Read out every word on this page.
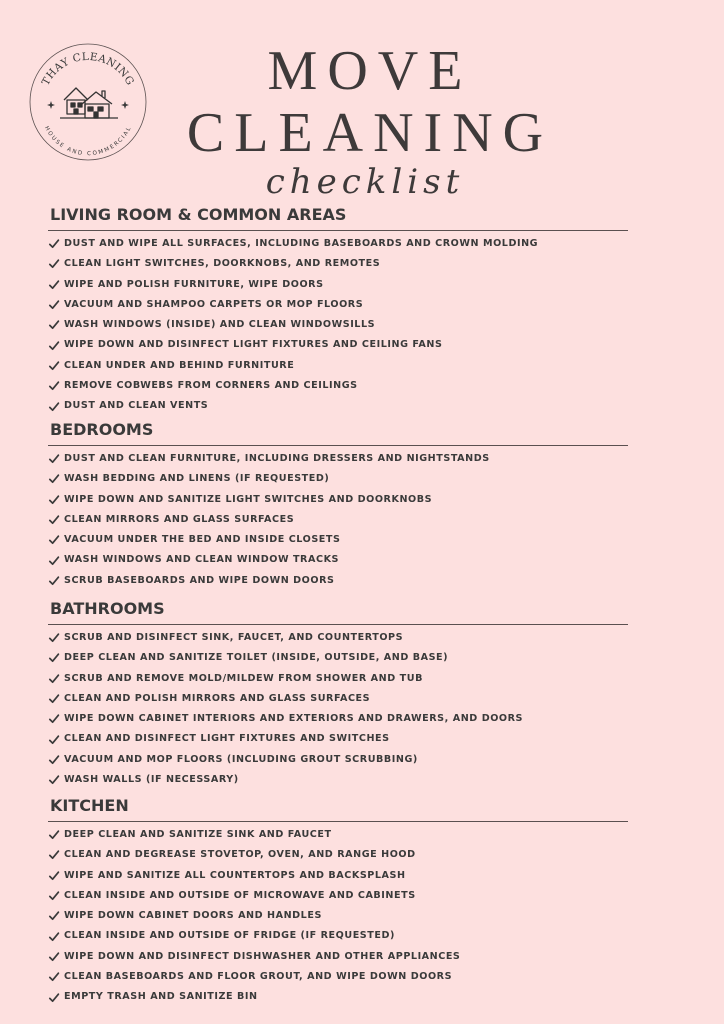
THAY CLEANING
HOUSE AND COMMERCIAL
MOVE
CLEANING
checklist
LIVING ROOM & COMMON AREAS
DUST AND WIPE ALL SURFACES, INCLUDING BASEBOARDS AND CROWN MOLDING
CLEAN LIGHT SWITCHES, DOORKNOBS, AND REMOTES
WIPE AND POLISH FURNITURE, WIPE DOORS
VACUUM AND SHAMPOO CARPETS OR MOP FLOORS
WASH WINDOWS (INSIDE) AND CLEAN WINDOWSILLS
WIPE DOWN AND DISINFECT LIGHT FIXTURES AND CEILING FANS
CLEAN UNDER AND BEHIND FURNITURE
REMOVE COBWEBS FROM CORNERS AND CEILINGS
DUST AND CLEAN VENTS
BEDROOMS
DUST AND CLEAN FURNITURE, INCLUDING DRESSERS AND NIGHTSTANDS
WASH BEDDING AND LINENS (IF REQUESTED)
WIPE DOWN AND SANITIZE LIGHT SWITCHES AND DOORKNOBS
CLEAN MIRRORS AND GLASS SURFACES
VACUUM UNDER THE BED AND INSIDE CLOSETS
WASH WINDOWS AND CLEAN WINDOW TRACKS
SCRUB BASEBOARDS AND WIPE DOWN DOORS
BATHROOMS
SCRUB AND DISINFECT SINK, FAUCET, AND COUNTERTOPS
DEEP CLEAN AND SANITIZE TOILET (INSIDE, OUTSIDE, AND BASE)
SCRUB AND REMOVE MOLD/MILDEW FROM SHOWER AND TUB
CLEAN AND POLISH MIRRORS AND GLASS SURFACES
WIPE DOWN CABINET INTERIORS AND EXTERIORS AND DRAWERS, AND DOORS
CLEAN AND DISINFECT LIGHT FIXTURES AND SWITCHES
VACUUM AND MOP FLOORS (INCLUDING GROUT SCRUBBING)
WASH WALLS (IF NECESSARY)
KITCHEN
DEEP CLEAN AND SANITIZE SINK AND FAUCET
CLEAN AND DEGREASE STOVETOP, OVEN, AND RANGE HOOD
WIPE AND SANITIZE ALL COUNTERTOPS AND BACKSPLASH
CLEAN INSIDE AND OUTSIDE OF MICROWAVE AND CABINETS
WIPE DOWN CABINET DOORS AND HANDLES
CLEAN INSIDE AND OUTSIDE OF FRIDGE (IF REQUESTED)
WIPE DOWN AND DISINFECT DISHWASHER AND OTHER APPLIANCES
CLEAN BASEBOARDS AND FLOOR GROUT, AND WIPE DOWN DOORS
EMPTY TRASH AND SANITIZE BIN
